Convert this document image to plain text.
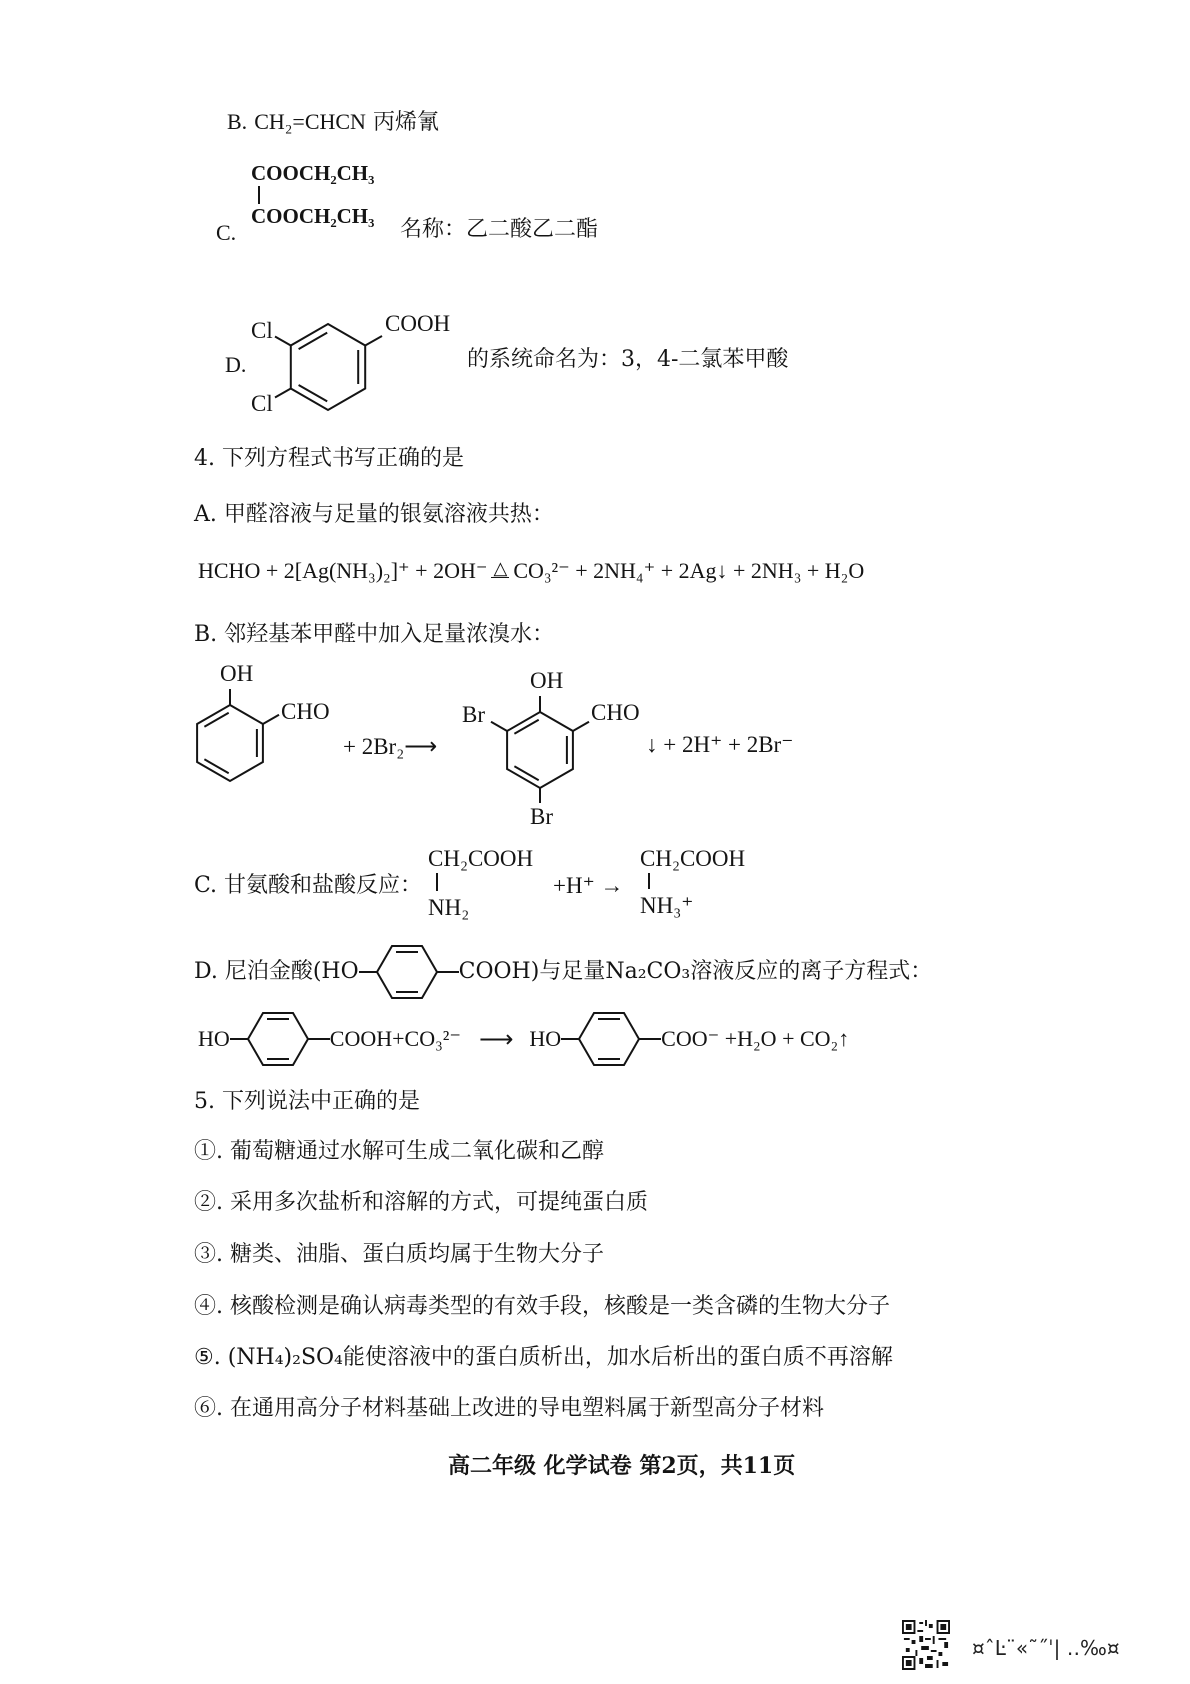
B. CH₂=CHCN 丙烯氰
COOCH₂CH₃
COOCH₂CH₃
C.	名称：乙二酸乙二酯
COOH
Cl
Cl
D.	的系统命名为：3，4-二氯苯甲酸
4. 下列方程式书写正确的是
A. 甲醛溶液与足量的银氨溶液共热：
HCHO + 2[Ag(NH₃)₂]⁺ + 2OH⁻ △ CO₃²⁻ + 2NH₄⁺ + 2Ag↓ + 2NH₃ + H₂O
B. 邻羟基苯甲醛中加入足量浓溴水：
OH
CHO
+ 2Br₂⟶
OH
Br	CHO
Br
↓ + 2H⁺ + 2Br⁻
C. 甘氨酸和盐酸反应：
CH₂COOH
NH₂
+H⁺ →
CH₂COOH
NH₃⁺
D. 尼泊金酸(HO	COOH)与足量Na₂CO₃溶液反应的离子方程式：
HO	COOH+CO₃²⁻ ⟶ HO	COO⁻ +H₂O + CO₂↑
5. 下列说法中正确的是
①. 葡萄糖通过水解可生成二氧化碳和乙醇
②. 采用多次盐析和溶解的方式，可提纯蛋白质
③. 糖类、油脂、蛋白质均属于生物大分子
④. 核酸检测是确认病毒类型的有效手段，核酸是一类含磷的生物大分子
⑤. (NH₄)₂SO₄能使溶液中的蛋白质析出，加水后析出的蛋白质不再溶解
⑥. 在通用高分子材料基础上改进的导电塑料属于新型高分子材料
高二年级 化学试卷 第2页，共11页
¤ˆĿ¨«˜˝ˈ| ‥‰¤
